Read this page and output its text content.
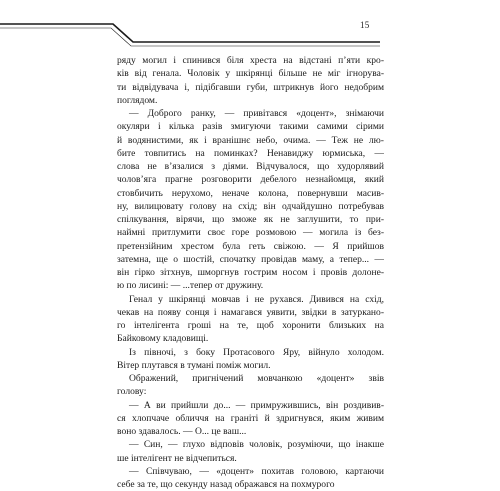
15

ряду могил і спинився біля хреста на відстані п’яти кро-
ків від генала. Чоловік у шкірянці більше не міг ігнорува-
ти відвідувача і, підібгавши губи, штрикнув його недобрим
поглядом.

— Доброго ранку, — привітався «доцент», знімаючи
окуляри і кілька разів змигуючи такими самими сірими
й водянистими, як і вранішнє небо, очима. — Теж не лю-
бите товпитись на поминках? Ненавиджу юрмиська, —
слова не в’язалися з діями. Відчувалося, що худорлявий
чолов’яга прагне розговорити дебелого незнайомця, який
стовбичить нерухомо, неначе колона, повернувши масив-
ну, вилицювату голову на схід; він одчайдушно потребував
спілкування, вірячи, що зможе як не заглушити, то при-
наймні притлумити своє горе розмовою — могила із без-
претензійним хрестом була геть свіжою. — Я прийшов
затемна, ще о шостій, спочатку провідав маму, а тепер... —
він гірко зітхнув, шморгнув гострим носом і провів долоне-
ю по лисині: — ...тепер от дружину.

Генал у шкірянці мовчав і не рухався. Дивився на схід,
чекав на появу сонця і намагався уявити, звідки в затуркано-
го інтелігента гроші на те, щоб хоронити близьких на
Байковому кладовищі.

Із півночі, з боку Протасового Яру, війнуло холодом.
Вітер плутався в тумані поміж могил.

Ображений, пригнічений мовчанкою «доцент» звів
голову:

— А ви прийшли до... — примружившись, він роздивив-
ся хлопчаче обличчя на граніті й здригнувся, яким живим
воно здавалось. — О... це ваш...

— Син, — глухо відповів чоловік, розуміючи, що інакше
ше інтелігент не відчепиться.

— Співчуваю, — «доцент» похитав головою, картаючи
себе за те, що секунду назад ображався на похмурого
